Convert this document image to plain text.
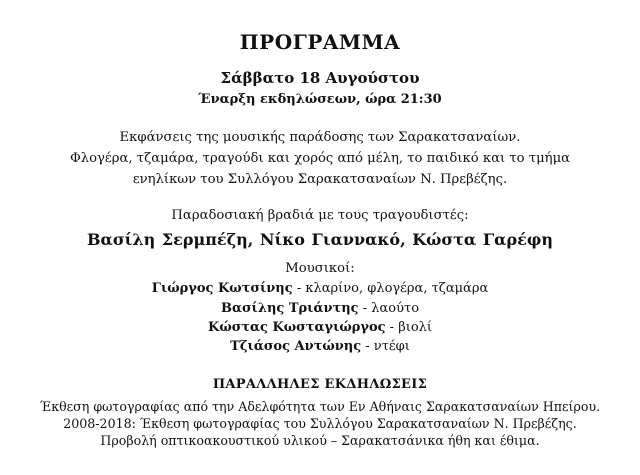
ΠΡΟΓΡΑΜΜΑ
Σάββατο 18 Αυγούστου
Έναρξη εκδηλώσεων, ώρα 21:30
Εκφάνσεις της μουσικής παράδοσης των Σαρακατσαναίων.
Φλογέρα, τζαμάρα, τραγούδι και χορός από μέλη, το παιδικό και το τμήμα
ενηλίκων του Συλλόγου Σαρακατσαναίων Ν. Πρεβέζης.
Παραδοσιακή βραδιά με τους τραγουδιστές:
Βασίλη Σερμπέζη, Νίκο Γιαννακό, Κώστα Γαρέφη
Μουσικοί:
Γιώργος Κωτσίνης - κλαρίνο, φλογέρα, τζαμάρα
Βασίλης Τριάντης - λαούτο
Κώστας Κωσταγιώργος - βιολί
Τζιάσος Αντώνης - ντέφι
ΠΑΡΑΛΛΗΛΕΣ ΕΚΔΗΛΩΣΕΙΣ
Έκθεση φωτογραφίας από την Αδελφότητα των Εν Αθήναις Σαρακατσαναίων Ηπείρου.
2008-2018: Έκθεση φωτογραφίας του Συλλόγου Σαρακατσαναίων Ν. Πρεβέζης.
Προβολή οπτικοακουστικού υλικού – Σαρακατσάνικα ήθη και έθιμα.
